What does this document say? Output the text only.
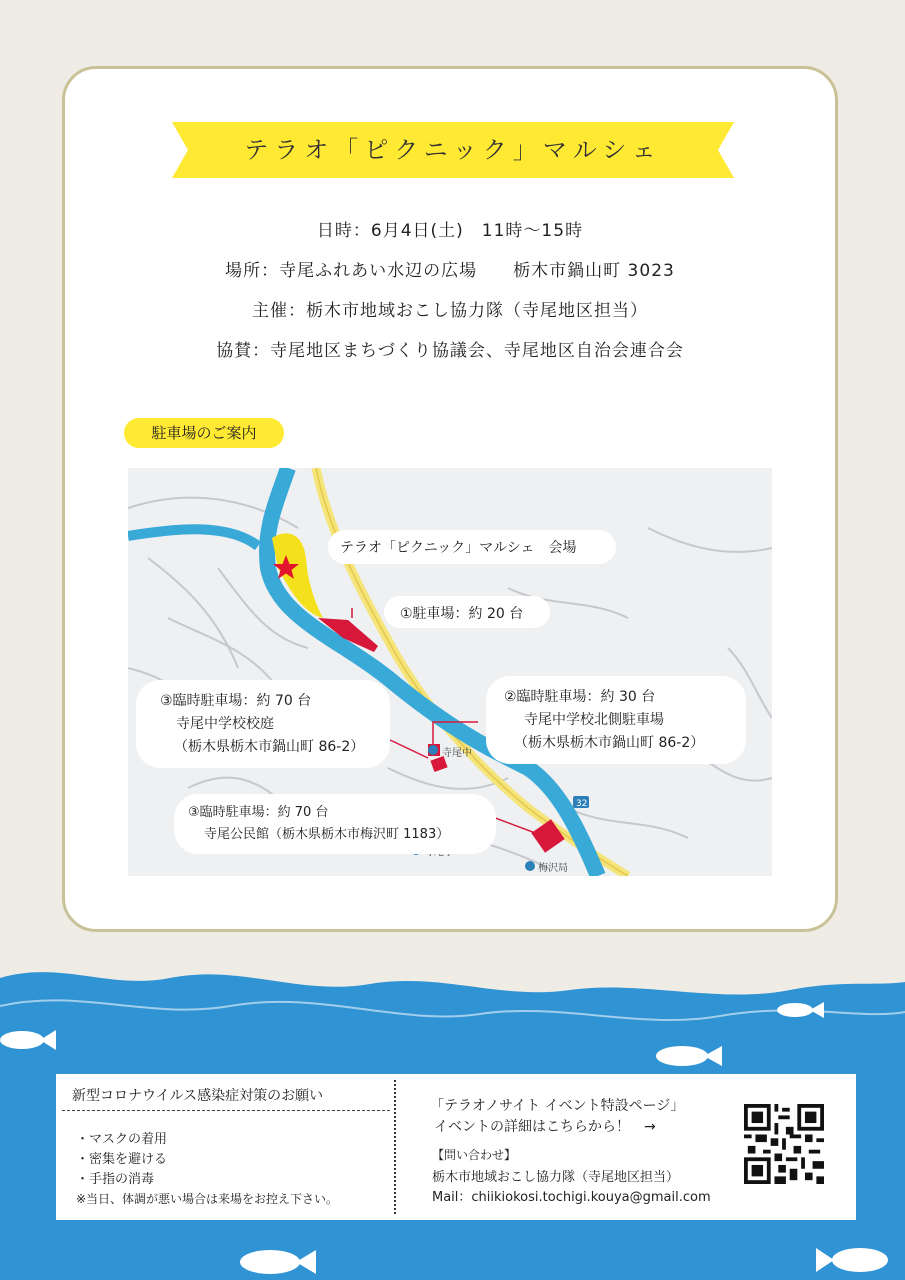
テラオ「ピクニック」マルシェ
日時：6月4日(土)　11時～15時
場所：寺尾ふれあい水辺の広場　　栃木市鍋山町 3023
主催：栃木市地域おこし協力隊（寺尾地区担当）
協賛：寺尾地区まちづくり協議会、寺尾地区自治会連合会
駐車場のご案内
寺尾中
梅沢局
32
テラオ「ピクニック」マルシェ　会場
①駐車場：約 20 台
②臨時駐車場：約 30 台
寺尾中学校北側駐車場
（栃木県栃木市鍋山町 86-2）
③臨時駐車場：約 70 台
寺尾中学校校庭
（栃木県栃木市鍋山町 86-2）
③臨時駐車場：約 70 台
寺尾公民館（栃木県栃木市梅沢町 1183）
新型コロナウイルス感染症対策のお願い
・マスクの着用
・密集を避ける
・手指の消毒
※当日、体調が悪い場合は来場をお控え下さい。
「テラオノサイト イベント特設ページ」
イベントの詳細はこちらから！　→
【問い合わせ】
栃木市地域おこし協力隊（寺尾地区担当）
Mail：chiikiokosi.tochigi.kouya@gmail.com
